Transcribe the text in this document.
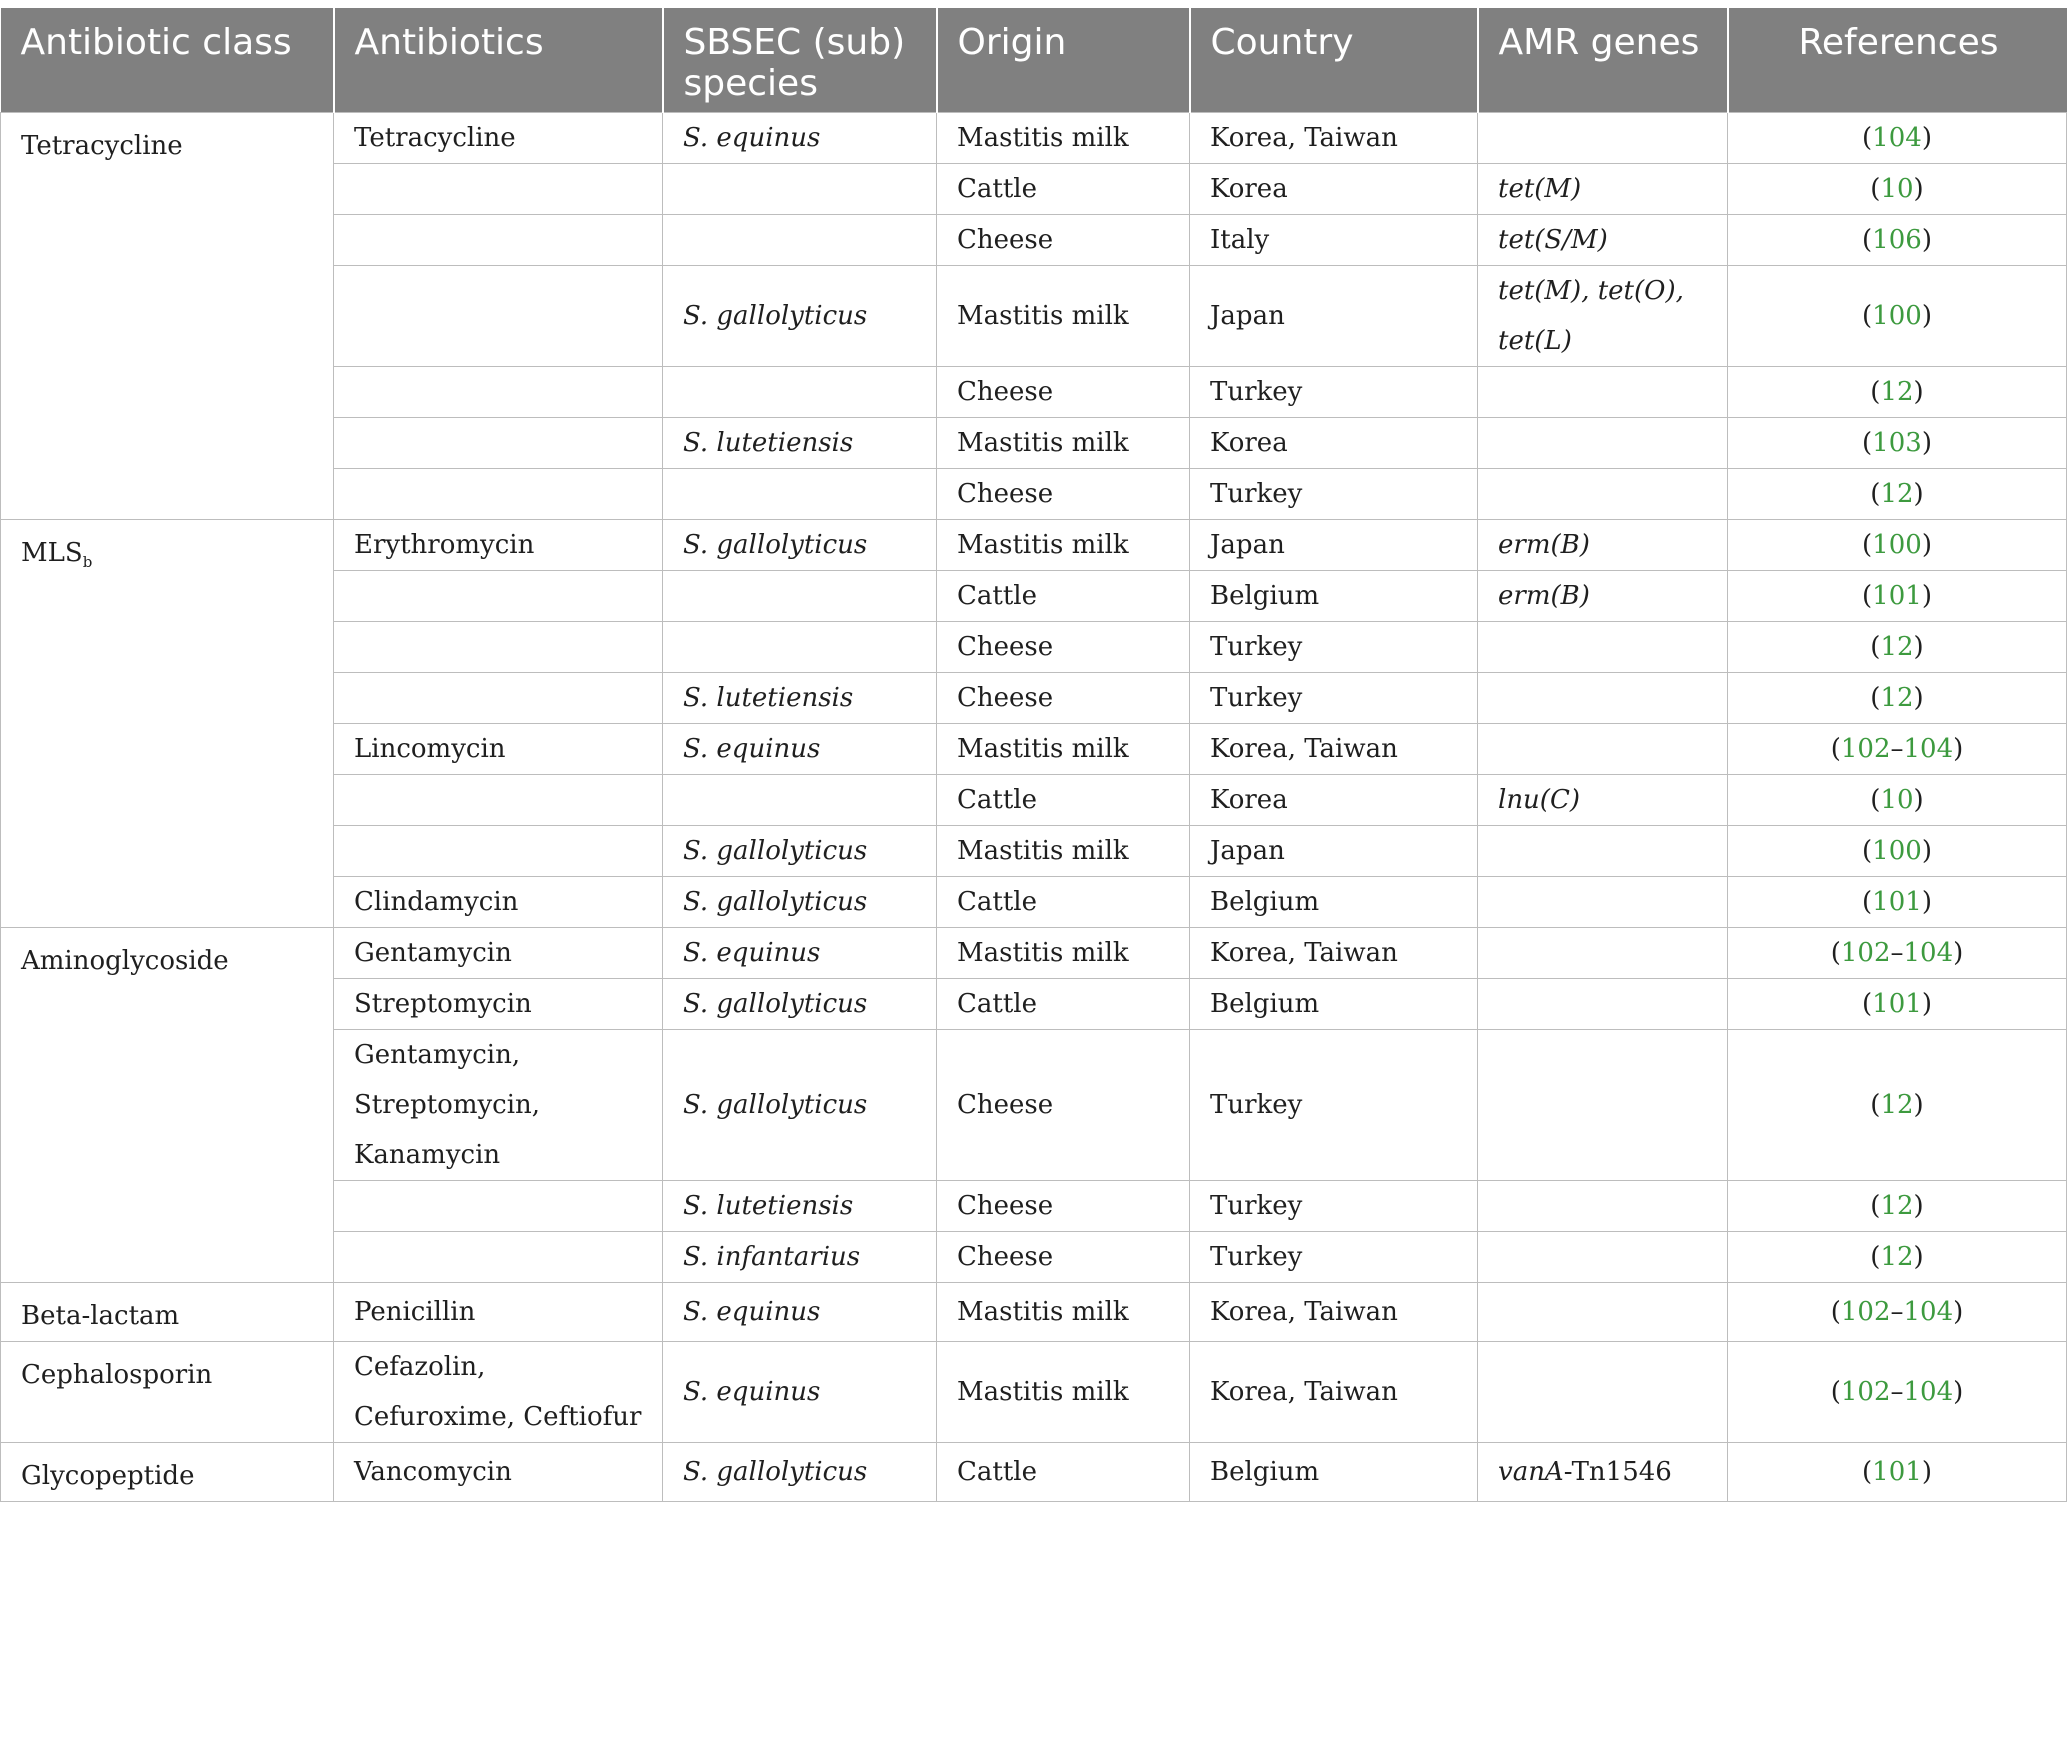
Antibiotic class	Antibiotics	SBSEC (sub) species	Origin	Country	AMR genes	References
Tetracycline	Tetracycline	S. equinus	Mastitis milk	Korea, Taiwan		(104)
			Cattle	Korea	tet(M)	(10)
			Cheese	Italy	tet(S/M)	(106)
		S. gallolyticus	Mastitis milk	Japan	tet(M), tet(O), tet(L)	(100)
			Cheese	Turkey		(12)
		S. lutetiensis	Mastitis milk	Korea		(103)
			Cheese	Turkey		(12)
$MLS_b$	Erythromycin	S. gallolyticus	Mastitis milk	Japan	erm(B)	(100)
			Cattle	Belgium	erm(B)	(101)
			Cheese	Turkey		(12)
		S. lutetiensis	Cheese	Turkey		(12)
	Lincomycin	S. equinus	Mastitis milk	Korea, Taiwan		(102–104)
			Cattle	Korea	lnu(C)	(10)
		S. gallolyticus	Mastitis milk	Japan		(100)
	Clindamycin	S. gallolyticus	Cattle	Belgium		(101)
Aminoglycoside	Gentamycin	S. equinus	Mastitis milk	Korea, Taiwan		(102–104)
	Streptomycin	S. gallolyticus	Cattle	Belgium		(101)
	Gentamycin, Streptomycin, Kanamycin	S. gallolyticus	Cheese	Turkey		(12)
		S. lutetiensis	Cheese	Turkey		(12)
		S. infantarius	Cheese	Turkey		(12)
Beta-lactam	Penicillin	S. equinus	Mastitis milk	Korea, Taiwan		(102–104)
Cephalosporin	Cefazolin, Cefuroxime, Ceftiofur	S. equinus	Mastitis milk	Korea, Taiwan		(102–104)
Glycopeptide	Vancomycin	S. gallolyticus	Cattle	Belgium	vanA-Tn1546	(101)
